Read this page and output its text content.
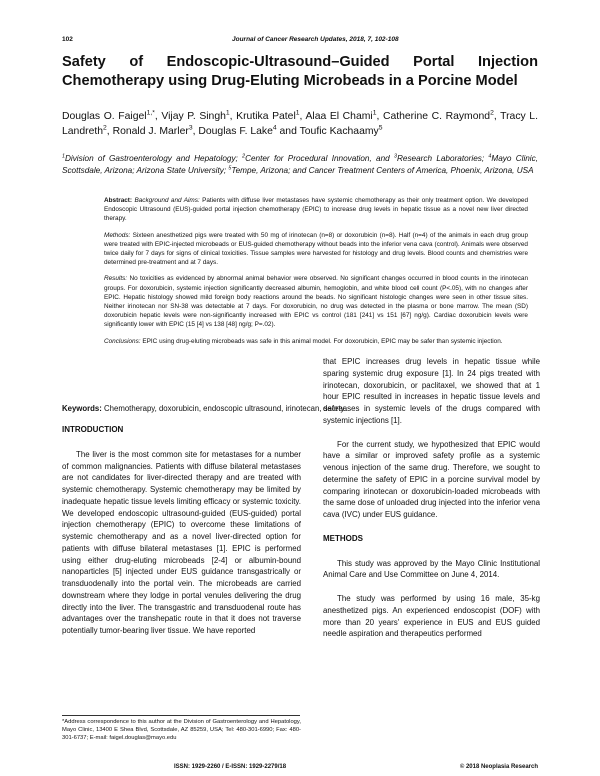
102	Journal of Cancer Research Updates, 2018, 7, 102-108
Safety of Endoscopic-Ultrasound–Guided Portal Injection Chemotherapy using Drug-Eluting Microbeads in a Porcine Model
Douglas O. Faigel$^{1,*}$, Vijay P. Singh$^1$, Krutika Patel$^1$, Alaa El Chami$^1$, Catherine C. Raymond$^2$, Tracy L. Landreth$^2$, Ronald J. Marler$^3$, Douglas F. Lake$^4$ and Toufic Kachaamy$^5$
$^1$Division of Gastroenterology and Hepatology; $^2$Center for Procedural Innovation, and $^3$Research Laboratories; $^4$Mayo Clinic, Scottsdale, Arizona; Arizona State University; $^5$Tempe, Arizona; and Cancer Treatment Centers of America, Phoenix, Arizona, USA

Abstract: Background and Aims: Patients with diffuse liver metastases have systemic chemotherapy as their only treatment option. We developed Endoscopic Ultrasound (EUS)-guided portal injection chemotherapy (EPIC) to increase drug levels in hepatic tissue as a novel new liver directed therapy.

Methods: Sixteen anesthetized pigs were treated with 50 mg of irinotecan (n=8) or doxorubicin (n=8). Half (n=4) of the animals in each drug group were treated with EPIC-injected microbeads or EUS-guided chemotherapy without beads into the inferior vena cava (control). Animals were observed twice daily for 7 days for signs of clinical toxicities. Tissue samples were harvested for histology and drug levels. Blood counts and chemistries were determined pre-treatment and at 7 days.

Results: No toxicities as evidenced by abnormal animal behavior were observed. No significant changes occurred in blood counts in the irinotecan groups. For doxorubicin, systemic injection significantly decreased albumin, hemoglobin, and white blood cell count (P<.05), with no changes after EPIC. Hepatic histology showed mild foreign body reactions around the beads. No significant histologic changes were seen in other tissue sites. Neither irinotecan nor SN-38 was detectable at 7 days. For doxorubicin, no drug was detected in the plasma or bone marrow. The mean (SD) doxorubicin hepatic levels were non-significantly increased with EPIC vs control (181 [241] vs 151 [67] ng/g). Cardiac doxorubicin levels were significantly lower with EPIC (15 [4] vs 138 [48] ng/g; P=.02).

Conclusions: EPIC using drug-eluting microbeads was safe in this animal model. For doxorubicin, EPIC may be safer than systemic injection.

Keywords: Chemotherapy, doxorubicin, endoscopic ultrasound, irinotecan, safety.
INTRODUCTION

The liver is the most common site for metastases for a number of common malignancies. Patients with diffuse bilateral metastases are not candidates for liver-directed therapy and are treated with systemic chemotherapy. Systemic chemotherapy may be limited by inadequate hepatic tissue levels limiting efficacy or systemic toxicity. We developed endoscopic ultrasound-guided (EUS-guided) portal injection chemotherapy (EPIC) to overcome these limitations of systemic chemotherapy and as a novel liver-directed option for patients with diffuse bilateral metastases [1]. EPIC is performed using either drug-eluting microbeads [2-4] or albumin-bound nanoparticles [5] injected under EUS guidance transgastrically or transduodenally into the portal vein. The microbeads are carried downstream where they lodge in portal venules delivering the drug directly into the liver. The transgastric and transduodenal route has advantages over the transhepatic route in that it does not traverse potentially tumor-bearing liver tissue. We have reported

that EPIC increases drug levels in hepatic tissue while sparing systemic drug exposure [1]. In 24 pigs treated with irinotecan, doxorubicin, or paclitaxel, we showed that at 1 hour EPIC resulted in increases in hepatic tissue levels and decreases in systemic levels of the drugs compared with systemic injections [1].

For the current study, we hypothesized that EPIC would have a similar or improved safety profile as a systemic venous injection of the same drug. Therefore, we sought to determine the safety of EPIC in a porcine survival model by comparing irinotecan or doxorubicin-loaded microbeads with the same dose of unloaded drug injected into the inferior vena cava (IVC) under EUS guidance.

METHODS

This study was approved by the Mayo Clinic Institutional Animal Care and Use Committee on June 4, 2014.

The study was performed by using 16 male, 35-kg anesthetized pigs. An experienced endoscopist (DOF) with more than 20 years' experience in EUS and EUS guided needle aspiration and therapeutics performed

*Address correspondence to this author at the Division of Gastroenterology and Hepatology, Mayo Clinic, 13400 E Shea Blvd, Scottsdale, AZ 85259, USA; Tel: 480-301-6990; Fax: 480-301-6737; E-mail: faigel.douglas@mayo.edu
ISSN: 1929-2260 / E-ISSN: 1929-2279/18	© 2018 Neoplasia Research
